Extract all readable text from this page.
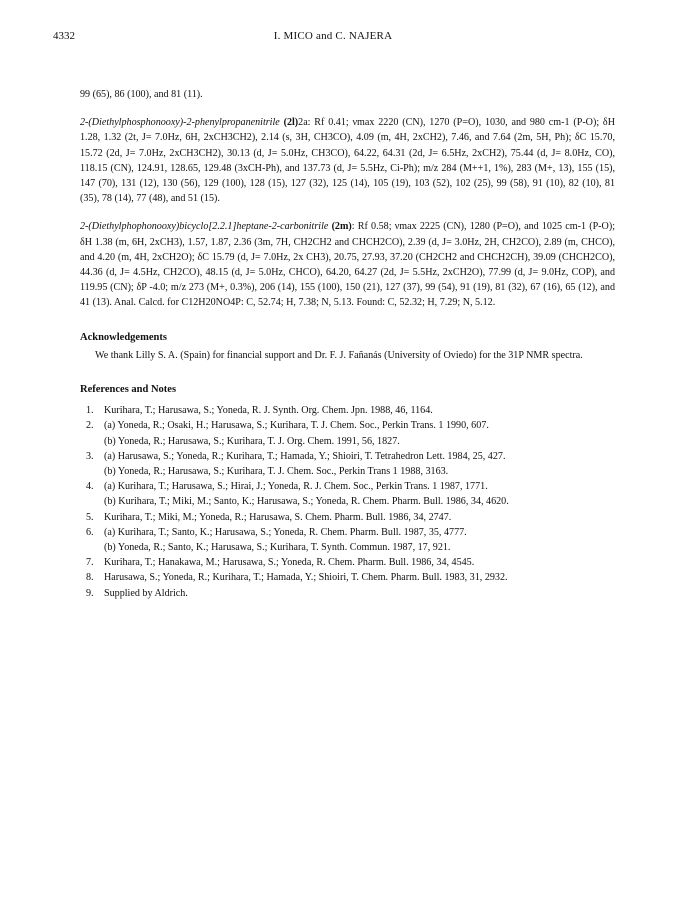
4332	I. MICO and C. NAJERA

99 (65), 86 (100), and 81 (11).

2-(Diethylphosphonooxy)-2-phenylpropanenitrile (2l)2a: Rf 0.41; νmax 2220 (CN), 1270 (P=O), 1030, and 980 cm-1 (P-O); δH 1.28, 1.32 (2t, J= 7.0Hz, 6H, 2xCH3CH2), 2.14 (s, 3H, CH3CO), 4.09 (m, 4H, 2xCH2), 7.46, and 7.64 (2m, 5H, Ph); δC 15.70, 15.72 (2d, J= 7.0Hz, 2xCH3CH2), 30.13 (d, J= 5.0Hz, CH3CO), 64.22, 64.31 (2d, J= 6.5Hz, 2xCH2), 75.44 (d, J= 8.0Hz, CO), 118.15 (CN), 124.91, 128.65, 129.48 (3xCH-Ph), and 137.73 (d, J= 5.5Hz, Ci-Ph); m/z 284 (M++1, 1%), 283 (M+, 13), 155 (15), 147 (70), 131 (12), 130 (56), 129 (100), 128 (15), 127 (32), 125 (14), 105 (19), 103 (52), 102 (25), 99 (58), 91 (10), 82 (10), 81 (35), 78 (14), 77 (48), and 51 (15).

2-(Diethylphophonooxy)bicyclo[2.2.1]heptane-2-carbonitrile (2m): Rf 0.58; νmax 2225 (CN), 1280 (P=O), and 1025 cm-1 (P-O); δH 1.38 (m, 6H, 2xCH3), 1.57, 1.87, 2.36 (3m, 7H, CH2CH2 and CHCH2CO), 2.39 (d, J= 3.0Hz, 2H, CH2CO), 2.89 (m, CHCO), and 4.20 (m, 4H, 2xCH2O); δC 15.79 (d, J= 7.0Hz, 2x CH3), 20.75, 27.93, 37.20 (CH2CH2 and CHCH2CH), 39.09 (CHCH2CO), 44.36 (d, J= 4.5Hz, CH2CO), 48.15 (d, J= 5.0Hz, CHCO), 64.20, 64.27 (2d, J= 5.5Hz, 2xCH2O), 77.99 (d, J= 9.0Hz, COP), and 119.95 (CN); δP -4.0; m/z 273 (M+, 0.3%), 206 (14), 155 (100), 150 (21), 127 (37), 99 (54), 91 (19), 81 (32), 67 (16), 65 (12), and 41 (13). Anal. Calcd. for C12H20NO4P: C, 52.74; H, 7.38; N, 5.13. Found: C, 52.32; H, 7.29; N, 5.12.

Acknowledgements

We thank Lilly S. A. (Spain) for financial support and Dr. F. J. Fañanás (University of Oviedo) for the 31P NMR spectra.

References and Notes
1. Kurihara, T.; Harusawa, S.; Yoneda, R. J. Synth. Org. Chem. Jpn. 1988, 46, 1164.
2. (a) Yoneda, R.; Osaki, H.; Harusawa, S.; Kurihara, T. J. Chem. Soc., Perkin Trans. 1 1990, 607.
(b) Yoneda, R.; Harusawa, S.; Kurihara, T. J. Org. Chem. 1991, 56, 1827.
3. (a) Harusawa, S.; Yoneda, R.; Kurihara, T.; Hamada, Y.; Shioiri, T. Tetrahedron Lett. 1984, 25, 427.
(b) Yoneda, R.; Harusawa, S.; Kurihara, T. J. Chem. Soc., Perkin Trans 1 1988, 3163.
4. (a) Kurihara, T.; Harusawa, S.; Hirai, J.; Yoneda, R. J. Chem. Soc., Perkin Trans. 1 1987, 1771.
(b) Kurihara, T.; Miki, M.; Santo, K.; Harusawa, S.; Yoneda, R. Chem. Pharm. Bull. 1986, 34, 4620.
5. Kurihara, T.; Miki, M.; Yoneda, R.; Harusawa, S. Chem. Pharm. Bull. 1986, 34, 2747.
6. (a) Kurihara, T.; Santo, K.; Harusawa, S.; Yoneda, R. Chem. Pharm. Bull. 1987, 35, 4777.
(b) Yoneda, R.; Santo, K.; Harusawa, S.; Kurihara, T. Synth. Commun. 1987, 17, 921.
7. Kurihara, T.; Hanakawa, M.; Harusawa, S.; Yoneda, R. Chem. Pharm. Bull. 1986, 34, 4545.
8. Harusawa, S.; Yoneda, R.; Kurihara, T.; Hamada, Y.; Shioiri, T. Chem. Pharm. Bull. 1983, 31, 2932.
9. Supplied by Aldrich.
